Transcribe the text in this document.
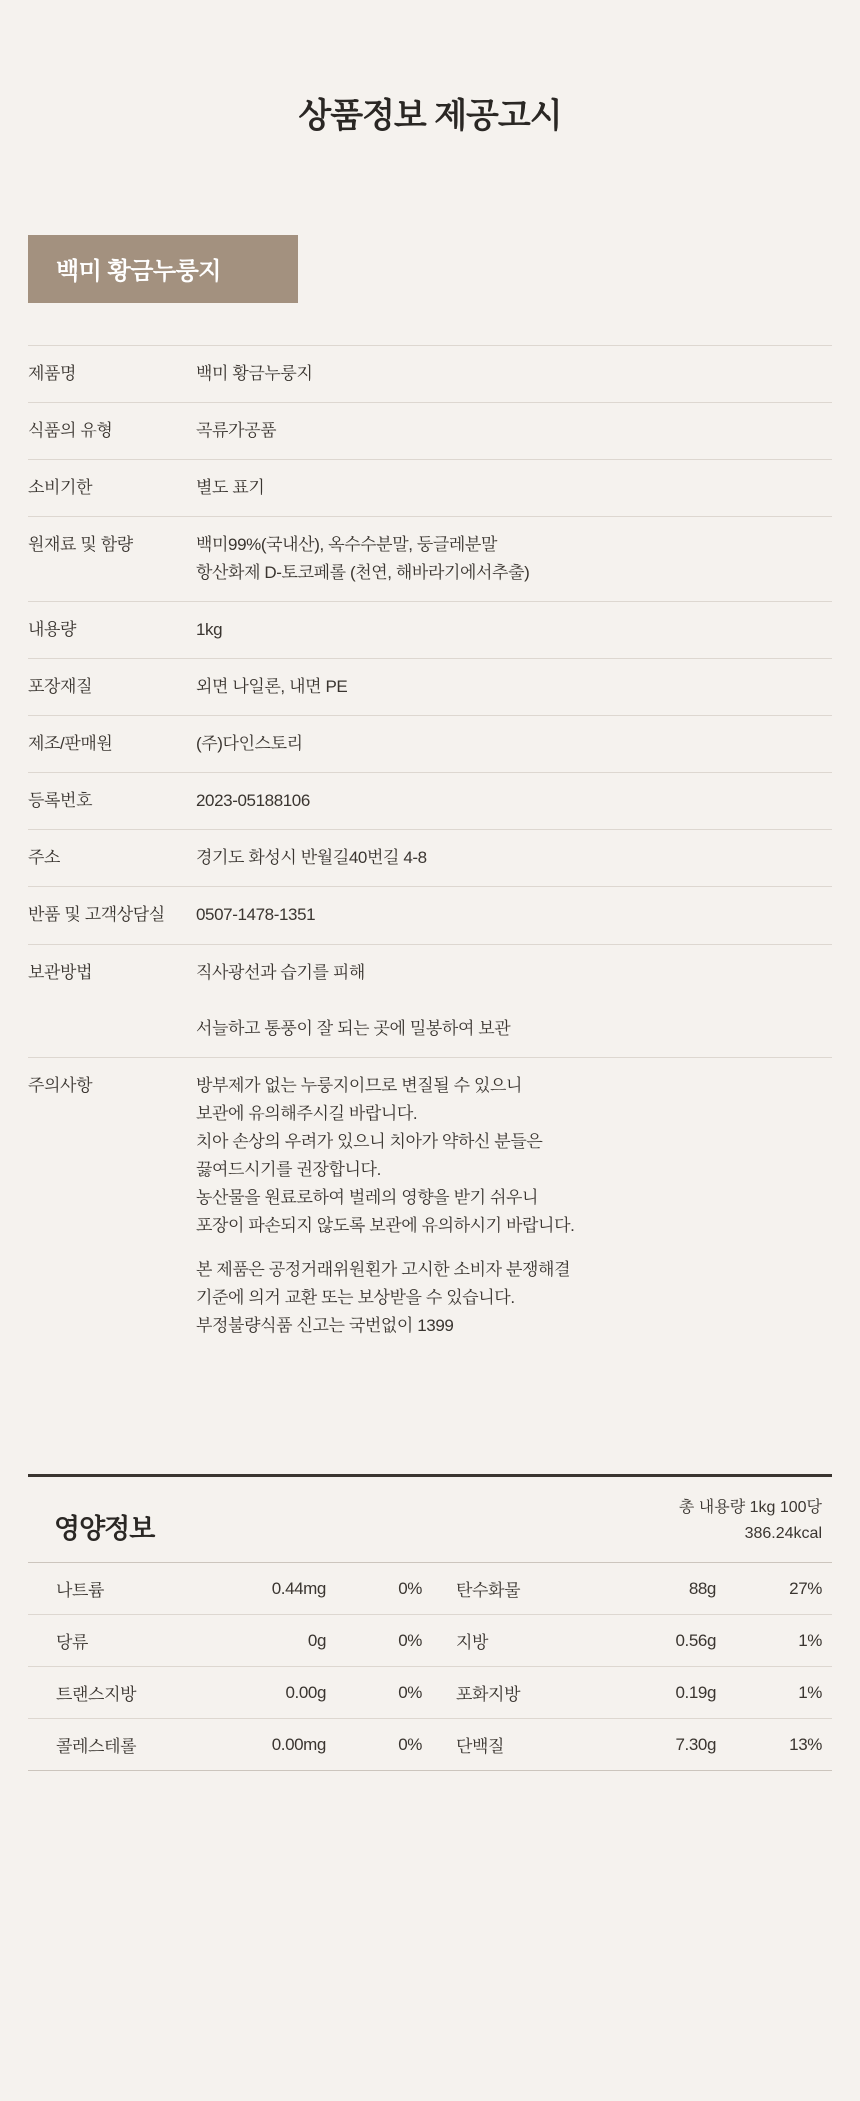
상품정보 제공고시
백미 황금누룽지
제품명	백미 황금누룽지

식품의 유형	곡류가공품

소비기한	별도 표기

원재료 및 함량	백미99%(국내산), 옥수수분말, 둥글레분말
항산화제 D-토코페롤 (천연, 해바라기에서추출)

내용량	1kg

포장재질	외면 나일론, 내면 PE

제조/판매원	(주)다인스토리

등록번호	2023-05188106

주소	경기도 화성시 반월길40번길 4-8

반품 및 고객상담실	0507-1478-1351

보관방법	직사광선과 습기를 피해

	서늘하고 통풍이 잘 되는 곳에 밀봉하여 보관

주의사항	방부제가 없는 누룽지이므로 변질될 수 있으니
보관에 유의해주시길 바랍니다.
치아 손상의 우려가 있으니 치아가 약하신 분들은
끓여드시기를 권장합니다.
농산물을 원료로하여 벌레의 영향을 받기 쉬우니
포장이 파손되지 않도록 보관에 유의하시기 바랍니다.
본 제품은 공정거래위원횐가 고시한 소비자 분쟁해결
기준에 의거 교환 또는 보상받을 수 있습니다.
부정불량식품 신고는 국번없이 1399
영양정보
총 내용량 1kg 100당
386.24kcal
나트륨	0.44mg	0%	탄수화물	88g	27%
당류	0g	0%	지방	0.56g	1%
트랜스지방	0.00g	0%	포화지방	0.19g	1%
콜레스테롤	0.00mg	0%	단백질	7.30g	13%
